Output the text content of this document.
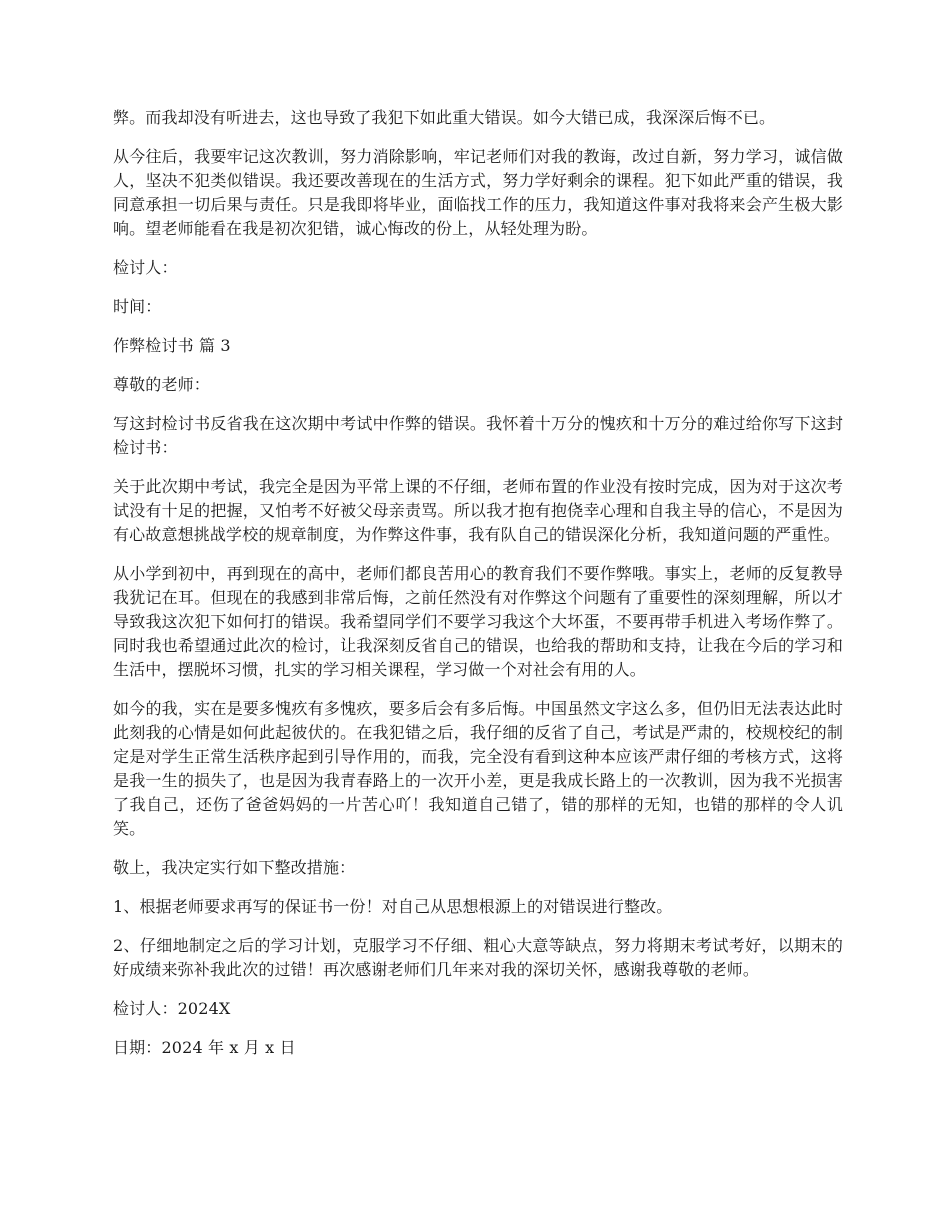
弊。而我却没有听进去，这也导致了我犯下如此重大错误。如今大错已成，我深深后悔不已。

从今往后，我要牢记这次教训，努力消除影响，牢记老师们对我的教诲，改过自新，努力学习，诚信做人，坚决不犯类似错误。我还要改善现在的生活方式，努力学好剩余的课程。犯下如此严重的错误，我同意承担一切后果与责任。只是我即将毕业，面临找工作的压力，我知道这件事对我将来会产生极大影响。望老师能看在我是初次犯错，诚心悔改的份上，从轻处理为盼。

检讨人：

时间：

作弊检讨书 篇 3

尊敬的老师：

写这封检讨书反省我在这次期中考试中作弊的错误。我怀着十万分的愧疚和十万分的难过给你写下这封检讨书：

关于此次期中考试，我完全是因为平常上课的不仔细，老师布置的作业没有按时完成，因为对于这次考试没有十足的把握，又怕考不好被父母亲责骂。所以我才抱有抱侥幸心理和自我主导的信心，不是因为有心故意想挑战学校的规章制度，为作弊这件事，我有队自己的错误深化分析，我知道问题的严重性。

从小学到初中，再到现在的高中，老师们都良苦用心的教育我们不要作弊哦。事实上，老师的反复教导我犹记在耳。但现在的我感到非常后悔，之前任然没有对作弊这个问题有了重要性的深刻理解，所以才导致我这次犯下如何打的错误。我希望同学们不要学习我这个大坏蛋，不要再带手机进入考场作弊了。同时我也希望通过此次的检讨，让我深刻反省自己的错误，也给我的帮助和支持，让我在今后的学习和生活中，摆脱坏习惯，扎实的学习相关课程，学习做一个对社会有用的人。

如今的我，实在是要多愧疚有多愧疚，要多后会有多后悔。中国虽然文字这么多，但仍旧无法表达此时此刻我的心情是如何此起彼伏的。在我犯错之后，我仔细的反省了自己，考试是严肃的，校规校纪的制定是对学生正常生活秩序起到引导作用的，而我，完全没有看到这种本应该严肃仔细的考核方式，这将是我一生的损失了，也是因为我青春路上的一次开小差，更是我成长路上的一次教训，因为我不光损害了我自己，还伤了爸爸妈妈的一片苦心吖！我知道自己错了，错的那样的无知，也错的那样的令人讥笑。

敬上，我决定实行如下整改措施：

1、根据老师要求再写的保证书一份！对自己从思想根源上的对错误进行整改。

2、仔细地制定之后的学习计划，克服学习不仔细、粗心大意等缺点，努力将期末考试考好，以期末的好成绩来弥补我此次的过错！再次感谢老师们几年来对我的深切关怀，感谢我尊敬的老师。

检讨人：2024X

日期：2024 年 x 月 x 日
